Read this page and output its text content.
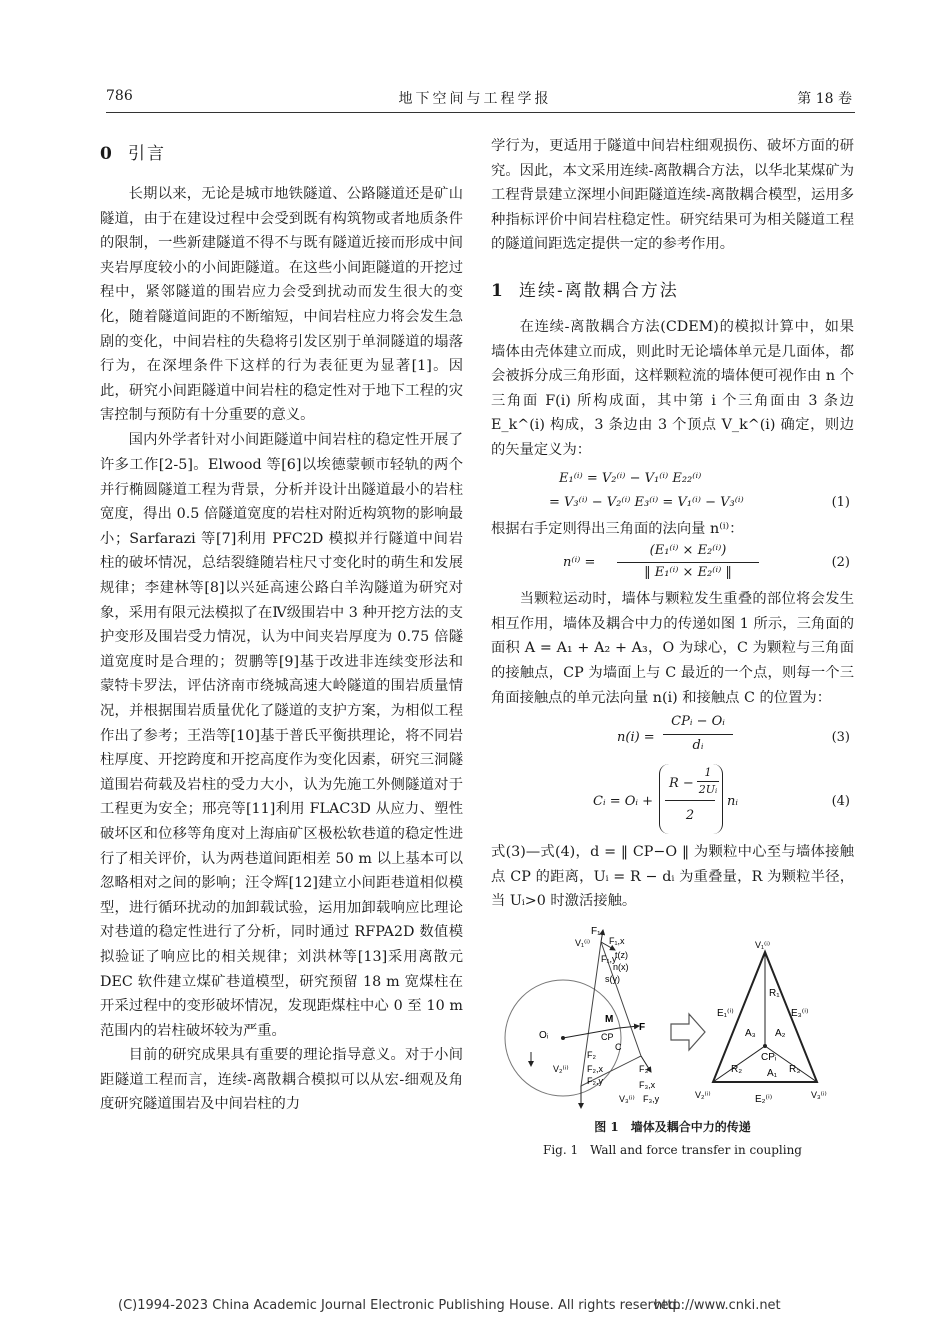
786	地下空间与工程学报	第 18 卷
0 引言

长期以来，无论是城市地铁隧道、公路隧道还是矿山隧道，由于在建设过程中会受到既有构筑物或者地质条件的限制，一些新建隧道不得不与既有隧道近接而形成中间夹岩厚度较小的小间距隧道。在这些小间距隧道的开挖过程中，紧邻隧道的围岩应力会受到扰动而发生很大的变化，随着隧道间距的不断缩短，中间岩柱应力将会发生急剧的变化，中间岩柱的失稳将引发区别于单洞隧道的塌落行为，在深埋条件下这样的行为表征更为显著[1]。因此，研究小间距隧道中间岩柱的稳定性对于地下工程的灾害控制与预防有十分重要的意义。

国内外学者针对小间距隧道中间岩柱的稳定性开展了许多工作[2-5]。Elwood 等[6]以埃德蒙顿市轻轨的两个并行椭圆隧道工程为背景，分析并设计出隧道最小的岩柱宽度，得出 0.5 倍隧道宽度的岩柱对附近构筑物的影响最小；Sarfarazi 等[7]利用 PFC2D 模拟并行隧道中间岩柱的破坏情况，总结裂缝随岩柱尺寸变化时的萌生和发展规律；李建林等[8]以兴延高速公路白羊沟隧道为研究对象，采用有限元法模拟了在Ⅳ级围岩中 3 种开挖方法的支护变形及围岩受力情况，认为中间夹岩厚度为 0.75 倍隧道宽度时是合理的；贺鹏等[9]基于改进非连续变形法和蒙特卡罗法，评估济南市绕城高速大岭隧道的围岩质量情况，并根据围岩质量优化了隧道的支护方案，为相似工程作出了参考；王浩等[10]基于普氏平衡拱理论，将不同岩柱厚度、开挖跨度和开挖高度作为变化因素，研究三洞隧道围岩荷载及岩柱的受力大小，认为先施工外侧隧道对于工程更为安全；邢亮等[11]利用 FLAC3D 从应力、塑性破坏区和位移等角度对上海庙矿区极松软巷道的稳定性进行了相关评价，认为两巷道间距相差 50 m 以上基本可以忽略相对之间的影响；汪令辉[12]建立小间距巷道相似模型，进行循环扰动的加卸载试验，运用加卸载响应比理论对巷道的稳定性进行了分析，同时通过 RFPA2D 数值模拟验证了响应比的相关规律；刘洪林等[13]采用离散元 DEC 软件建立煤矿巷道模型，研究预留 18 m 宽煤柱在开采过程中的变形破坏情况，发现距煤柱中心 0 至 10 m 范围内的岩柱破坏较为严重。

目前的研究成果具有重要的理论指导意义。对于小间距隧道工程而言，连续-离散耦合模拟可以从宏-细观及角度研究隧道围岩及中间岩柱的力

学行为，更适用于隧道中间岩柱细观损伤、破坏方面的研究。因此，本文采用连续-离散耦合方法，以华北某煤矿为工程背景建立深埋小间距隧道连续-离散耦合模型，运用多种指标评价中间岩柱稳定性。研究结果可为相关隧道工程的隧道间距选定提供一定的参考作用。

1 连续-离散耦合方法

在连续-离散耦合方法(CDEM)的模拟计算中，如果墙体由壳体建立而成，则此时无论墙体单元是几面体，都会被拆分成三角形面，这样颗粒流的墙体便可视作由 n 个三角面 F(i) 所构成面，其中第 i 个三角面由 3 条边 E_k^(i) 构成，3 条边由 3 个顶点 V_k^(i) 确定，则边的矢量定义为：

E₁⁽ⁱ⁾ = V₂⁽ⁱ⁾ − V₁⁽ⁱ⁾ E₂₂⁽ⁱ⁾
= V₃⁽ⁱ⁾ − V₂⁽ⁱ⁾ E₃⁽ⁱ⁾ = V₁⁽ⁱ⁾ − V₃⁽ⁱ⁾	(1)

根据右手定则得出三角面的法向量 n⁽ⁱ⁾：

n⁽ⁱ⁾ =
(E₁⁽ⁱ⁾ × E₂⁽ⁱ⁾)
‖ E₁⁽ⁱ⁾ × E₂⁽ⁱ⁾ ‖
(2)

当颗粒运动时，墙体与颗粒发生重叠的部位将会发生相互作用，墙体及耦合中力的传递如图 1 所示，三角面的面积 A = A₁ + A₂ + A₃，O 为球心，C 为颗粒与三角面的接触点，CP 为墙面上与 C 最近的一个点，则每一个三角面接触点的单元法向量 n(i) 和接触点 C 的位置为：

n(i) =
CPᵢ − Oᵢ
dᵢ
(3)
Cᵢ = Oᵢ +
R −
1
2Uᵢ
2
nᵢ	(4)

式(3)—式(4)，d = ‖ CP−O ‖ 为颗粒中心至与墙体接触点 CP 的距离，Uᵢ = R − dᵢ 为重叠量，R 为颗粒半径，当 Uᵢ>0 时激活接触。

F₁
V₁⁽ⁱ⁾ F₁,x
t(z)
n(x)
F₁,y
s(y)
Oᵢ
M
F
CP
C
F₂
V₂⁽ⁱ⁾ F₂,x
F₂,y
F₃
F₃,x
V₃⁽ⁱ⁾ F₃,y
V₁⁽ⁱ⁾
V₂⁽ⁱ⁾	V₃⁽ⁱ⁾
E₁⁽ⁱ⁾
E₂⁽ⁱ⁾
E₃⁽ⁱ⁾
R₁
R₂	R₃
A₁
A₂
A₃
CPᵢ
图 1　墙体及耦合中力的传递
Fig. 1　Wall and force transfer in coupling
(C)1994-2023 China Academic Journal Electronic Publishing House. All rights reserved.
http://www.cnki.net
